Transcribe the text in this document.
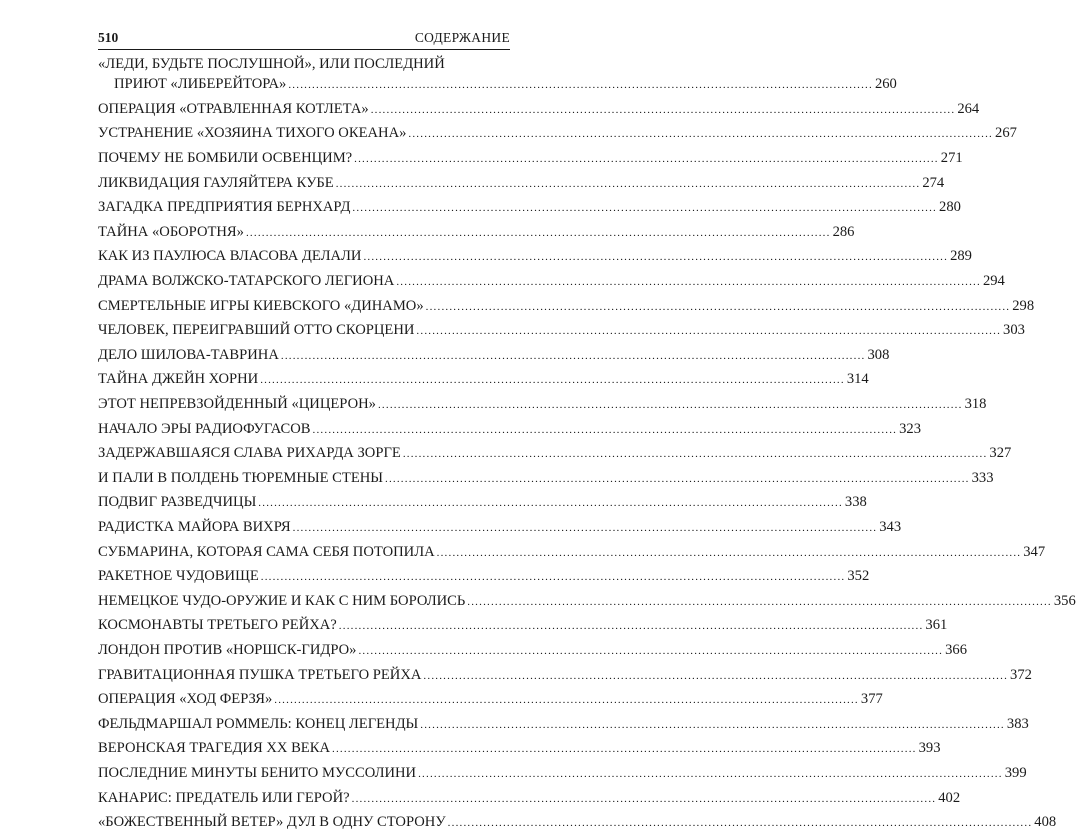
510	СОДЕРЖАНИЕ
«ЛЕДИ, БУДЬТЕ ПОСЛУШНОЙ», ИЛИ ПОСЛЕДНИЙ
ПРИЮТ «ЛИБЕРЕЙТОРА» .....	260
ОПЕРАЦИЯ «ОТРАВЛЕННАЯ КОТЛЕТА» .....	264
УСТРАНЕНИЕ «ХОЗЯИНА ТИХОГО ОКЕАНА» .....	267
ПОЧЕМУ НЕ БОМБИЛИ ОСВЕНЦИМ? .....	271
ЛИКВИДАЦИЯ ГАУЛЯЙТЕРА КУБЕ .....	274
ЗАГАДКА ПРЕДПРИЯТИЯ БЕРНХАРД .....	280
ТАЙНА «ОБОРОТНЯ» .....	286
КАК ИЗ ПАУЛЮСА ВЛАСОВА ДЕЛАЛИ .....	289
ДРАМА ВОЛЖСКО-ТАТАРСКОГО ЛЕГИОНА .....	294
СМЕРТЕЛЬНЫЕ ИГРЫ КИЕВСКОГО «ДИНАМО» .....	298
ЧЕЛОВЕК, ПЕРЕИГРАВШИЙ ОТТО СКОРЦЕНИ .....	303
ДЕЛО ШИЛОВА-ТАВРИНА .....	308
ТАЙНА ДЖЕЙН ХОРНИ .....	314
ЭТОТ НЕПРЕВЗОЙДЕННЫЙ «ЦИЦЕРОН» .....	318
НАЧАЛО ЭРЫ РАДИОФУГАСОВ .....	323
ЗАДЕРЖАВШАЯСЯ СЛАВА РИХАРДА ЗОРГЕ .....	327
И ПАЛИ В ПОЛДЕНЬ ТЮРЕМНЫЕ СТЕНЫ .....	333
ПОДВИГ РАЗВЕДЧИЦЫ .....	338
РАДИСТКА МАЙОРА ВИХРЯ .....	343
СУБМАРИНА, КОТОРАЯ САМА СЕБЯ ПОТОПИЛА .....	347
РАКЕТНОЕ ЧУДОВИЩЕ .....	352
НЕМЕЦКОЕ ЧУДО-ОРУЖИЕ И КАК С НИМ БОРОЛИСЬ .....	356
КОСМОНАВТЫ ТРЕТЬЕГО РЕЙХА? .....	361
ЛОНДОН ПРОТИВ «НОРШСК-ГИДРО» .....	366
ГРАВИТАЦИОННАЯ ПУШКА ТРЕТЬЕГО РЕЙХА .....	372
ОПЕРАЦИЯ «ХОД ФЕРЗЯ» .....	377
ФЕЛЬДМАРШАЛ РОММЕЛЬ: КОНЕЦ ЛЕГЕНДЫ .....	383
ВЕРОНСКАЯ ТРАГЕДИЯ XX ВЕКА .....	393
ПОСЛЕДНИЕ МИНУТЫ БЕНИТО МУССОЛИНИ .....	399
КАНАРИС: ПРЕДАТЕЛЬ ИЛИ ГЕРОЙ? .....	402
«БОЖЕСТВЕННЫЙ ВЕТЕР» ДУЛ В ОДНУ СТОРОНУ .....	408
